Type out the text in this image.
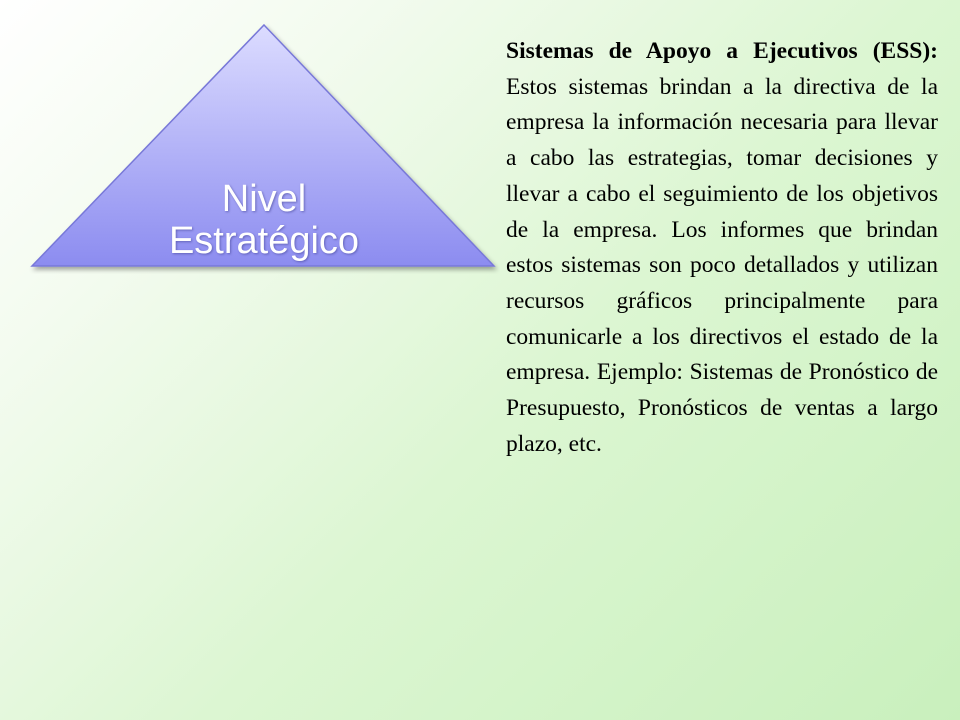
Nivel
Estratégico
Sistemas de Apoyo a Ejecutivos (ESS): Estos sistemas brindan a la directiva de la empresa la información necesaria para llevar a cabo las estrategias, tomar decisiones y llevar a cabo el seguimiento de los objetivos de la empresa. Los informes que brindan estos sistemas son poco detallados y utilizan recursos gráficos principalmente para comunicarle a los directivos el estado de la empresa. Ejemplo: Sistemas de Pronóstico de Presupuesto, Pronósticos de ventas a largo plazo, etc.
